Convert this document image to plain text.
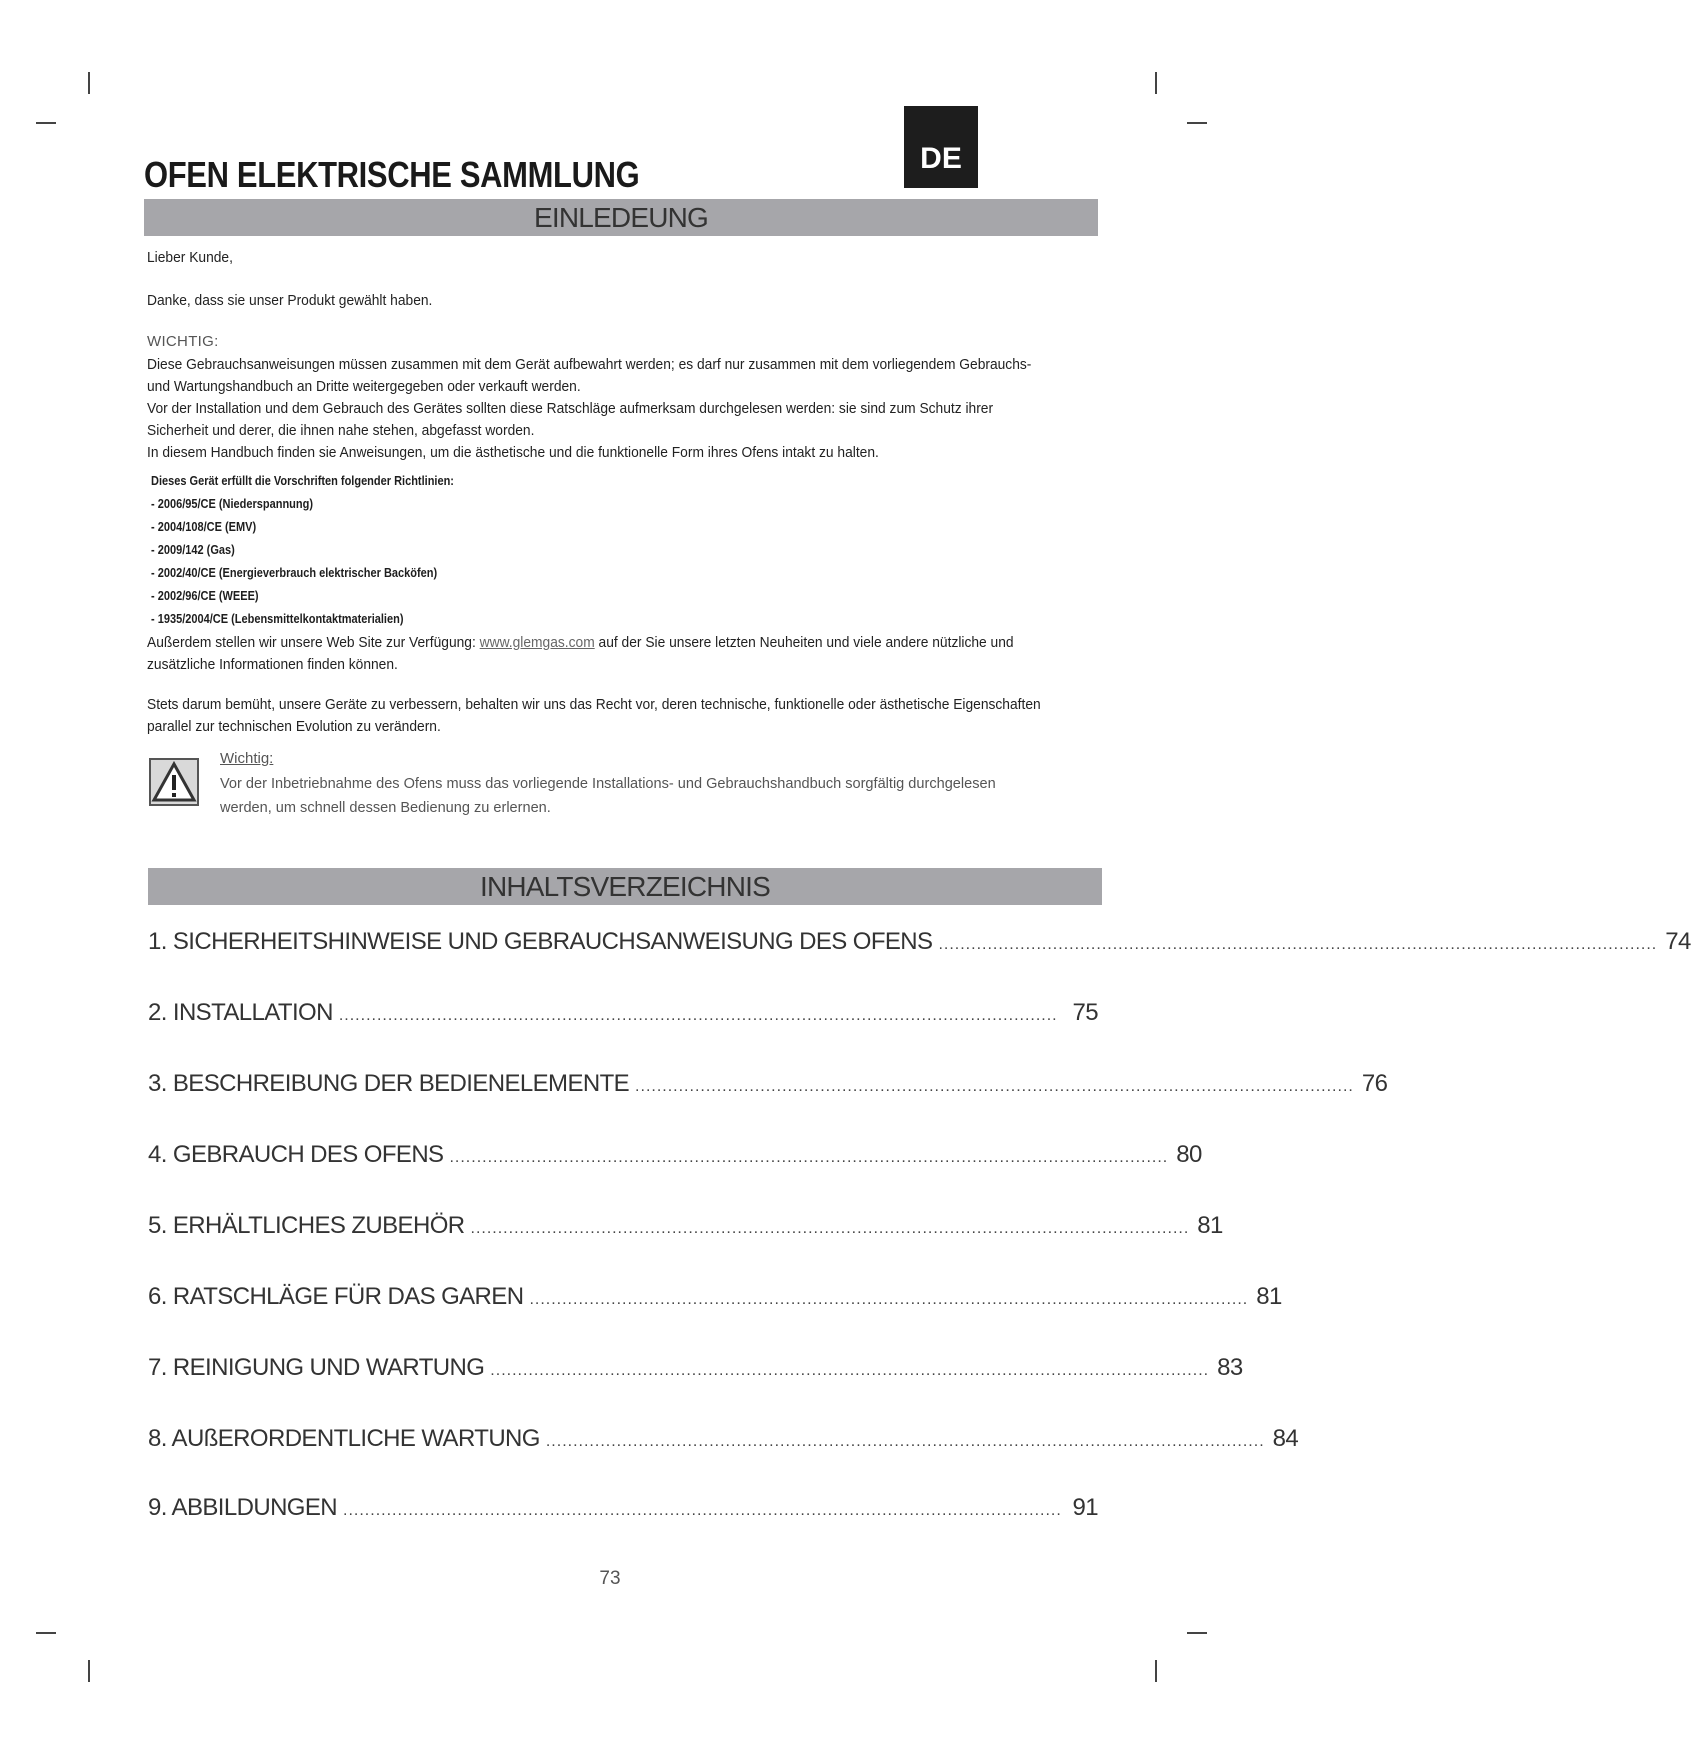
OFEN ELEKTRISCHE SAMMLUNG	DE
EINLEDEUNG
Lieber Kunde,
Danke, dass sie unser Produkt gewählt haben.
WICHTIG:
Diese Gebrauchsanweisungen müssen zusammen mit dem Gerät aufbewahrt werden; es darf nur zusammen mit dem vorliegendem Gebrauchs-
und Wartungshandbuch an Dritte weitergegeben oder verkauft werden.
Vor der Installation und dem Gebrauch des Gerätes sollten diese Ratschläge aufmerksam durchgelesen werden: sie sind zum Schutz ihrer
Sicherheit und derer, die ihnen nahe stehen, abgefasst worden.
In diesem Handbuch finden sie Anweisungen, um die ästhetische und die funktionelle Form ihres Ofens intakt zu halten.
Dieses Gerät erfüllt die Vorschriften folgender Richtlinien:
- 2006/95/CE (Niederspannung)
- 2004/108/CE (EMV)
- 2009/142 (Gas)
- 2002/40/CE (Energieverbrauch elektrischer Backöfen)
- 2002/96/CE (WEEE)
- 1935/2004/CE (Lebensmittelkontaktmaterialien)
Außerdem stellen wir unsere Web Site zur Verfügung: www.glemgas.com auf der Sie unsere letzten Neuheiten und viele andere nützliche und
zusätzliche Informationen finden können.
Stets darum bemüht, unsere Geräte zu verbessern, behalten wir uns das Recht vor, deren technische, funktionelle oder ästhetische Eigenschaften
parallel zur technischen Evolution zu verändern.
Wichtig:
Vor der Inbetriebnahme des Ofens muss das vorliegende Installations- und Gebrauchshandbuch sorgfältig durchgelesen
werden, um schnell dessen Bedienung zu erlernen.
INHALTSVERZEICHNIS
1. SICHERHEITSHINWEISE UND GEBRAUCHSANWEISUNG DES OFENS .................................................................................................................................... 74
2. INSTALLATION .................................................................................................................................... 75
3. BESCHREIBUNG DER BEDIENELEMENTE .................................................................................................................................... 76
4. GEBRAUCH DES OFENS .................................................................................................................................... 80
5. ERHÄLTLICHES ZUBEHÖR .................................................................................................................................... 81
6. RATSCHLÄGE FÜR DAS GAREN .................................................................................................................................... 81
7. REINIGUNG UND WARTUNG .................................................................................................................................... 83
8. AUßERORDENTLICHE WARTUNG .................................................................................................................................... 84
9. ABBILDUNGEN .................................................................................................................................... 91
73
